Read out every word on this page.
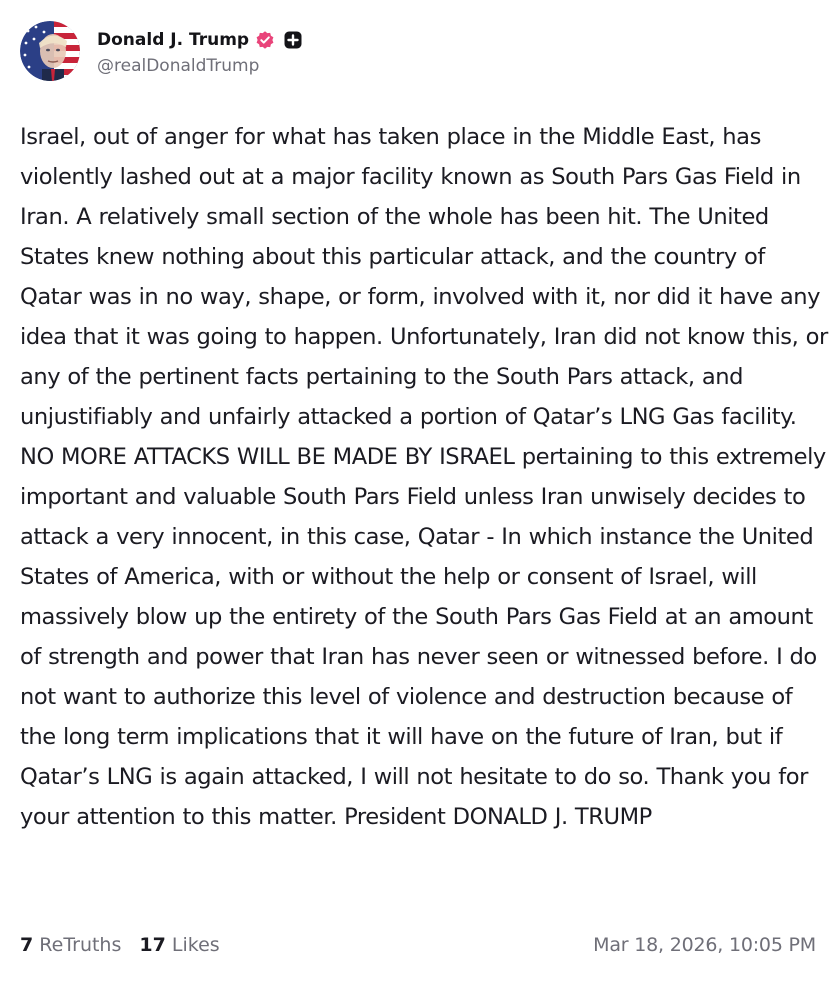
Donald J. Trump
@realDonaldTrump
Israel, out of anger for what has taken place in the Middle East, has violently lashed out at a major facility known as South Pars Gas Field in Iran. A relatively small section of the whole has been hit. The United States knew nothing about this particular attack, and the country of Qatar was in no way, shape, or form, involved with it, nor did it have any idea that it was going to happen. Unfortunately, Iran did not know this, or any of the pertinent facts pertaining to the South Pars attack, and unjustifiably and unfairly attacked a portion of Qatar’s LNG Gas facility. NO MORE ATTACKS WILL BE MADE BY ISRAEL pertaining to this extremely important and valuable South Pars Field unless Iran unwisely decides to attack a very innocent, in this case, Qatar - In which instance the United States of America, with or without the help or consent of Israel, will massively blow up the entirety of the South Pars Gas Field at an amount of strength and power that Iran has never seen or witnessed before. I do not want to authorize this level of violence and destruction because of the long term implications that it will have on the future of Iran, but if Qatar’s LNG is again attacked, I will not hesitate to do so. Thank you for your attention to this matter. President DONALD J. TRUMP
7 ReTruths 17 Likes	Mar 18, 2026, 10:05 PM
